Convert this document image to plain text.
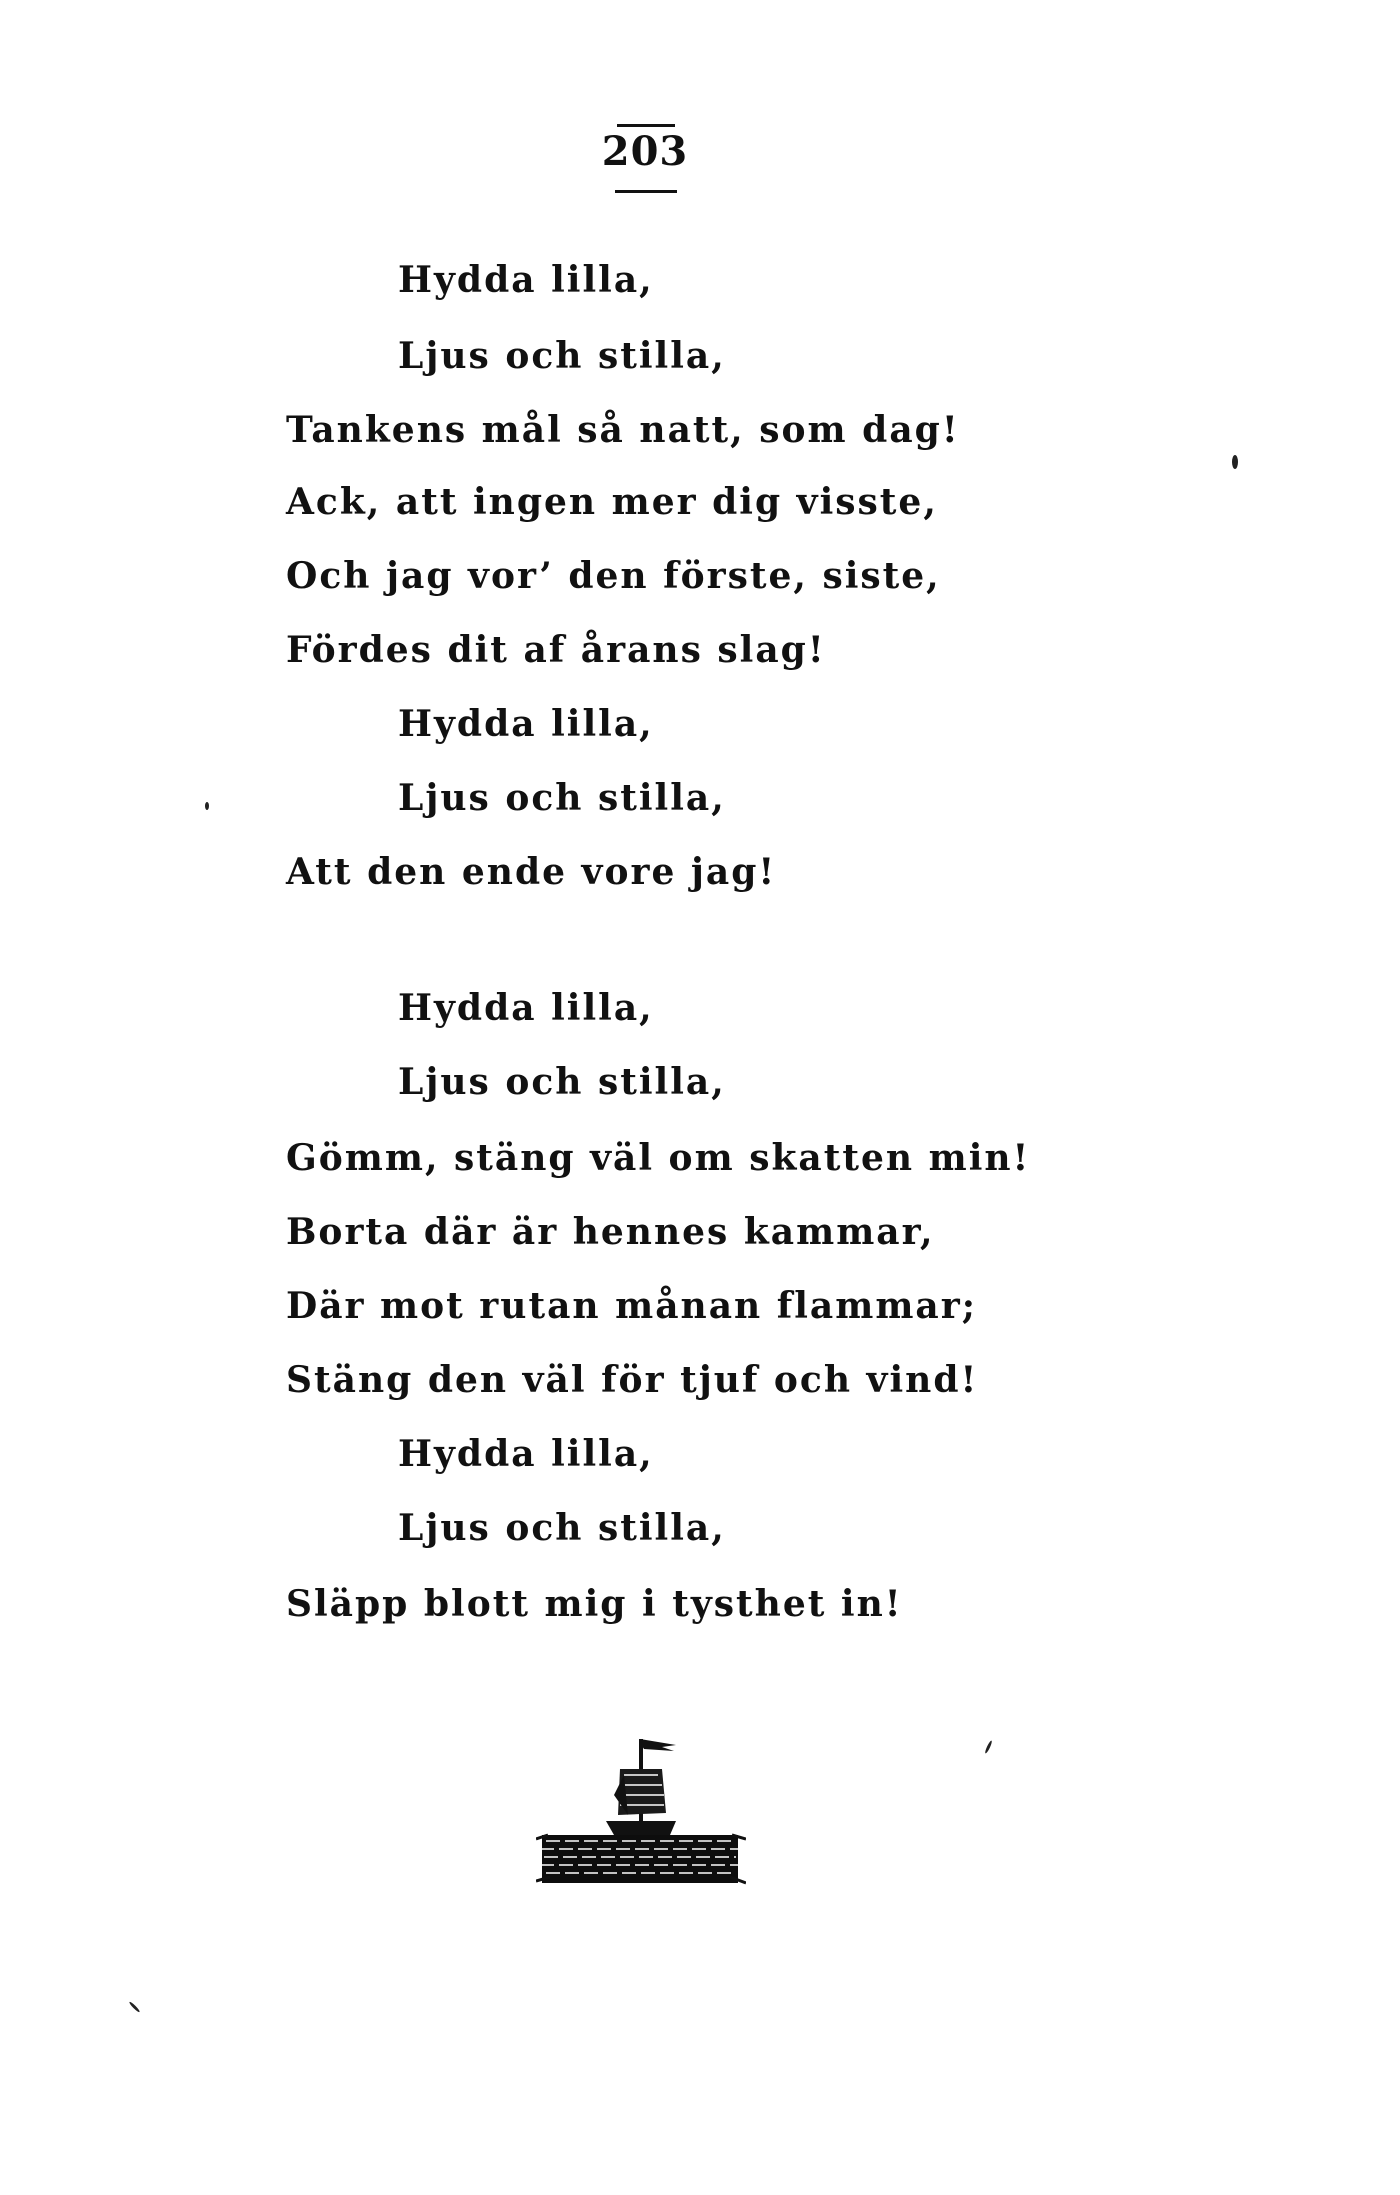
203
Hydda lilla,
Ljus och stilla,
Tankens mål så natt, som dag!
Ack, att ingen mer dig visste,
Och jag vor’ den förste, siste,
Fördes dit af årans slag!
Hydda lilla,
Ljus och stilla,
Att den ende vore jag!
Hydda lilla,
Ljus och stilla,
Gömm, stäng väl om skatten min!
Borta där är hennes kammar,
Där mot rutan månan flammar;
Stäng den väl för tjuf och vind!
Hydda lilla,
Ljus och stilla,
Släpp blott mig i tysthet in!
